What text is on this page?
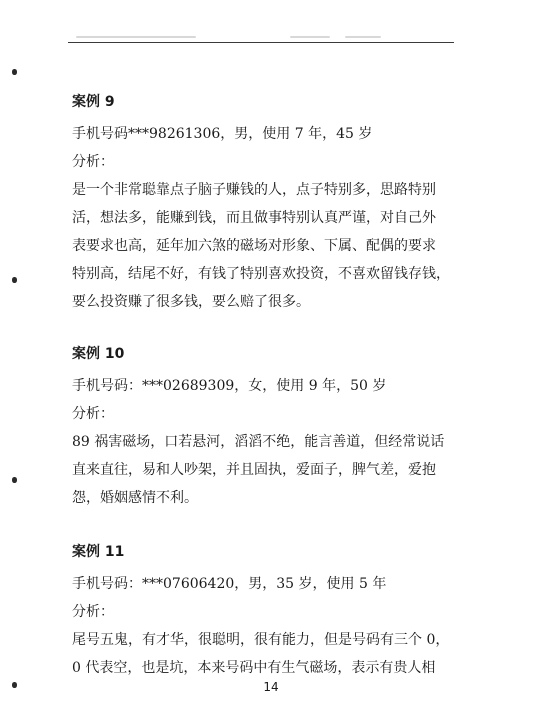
案例 9
手机号码***98261306，男，使用 7 年，45 岁
分析：
是一个非常聪靠点子脑子赚钱的人，点子特别多，思路特别
活，想法多，能赚到钱，而且做事特别认真严谨，对自己外
表要求也高，延年加六煞的磁场对形象、下属、配偶的要求
特别高，结尾不好，有钱了特别喜欢投资，不喜欢留钱存钱，
要么投资赚了很多钱，要么赔了很多。
案例 10
手机号码：***02689309，女，使用 9 年，50 岁
分析：
89 祸害磁场，口若悬河，滔滔不绝，能言善道，但经常说话
直来直往，易和人吵架，并且固执，爱面子，脾气差，爱抱
怨，婚姻感情不利。
案例 11
手机号码：***07606420，男，35 岁，使用 5 年
分析：
尾号五鬼，有才华，很聪明，很有能力，但是号码有三个 0，
0 代表空，也是坑，本来号码中有生气磁场，表示有贵人相
14
